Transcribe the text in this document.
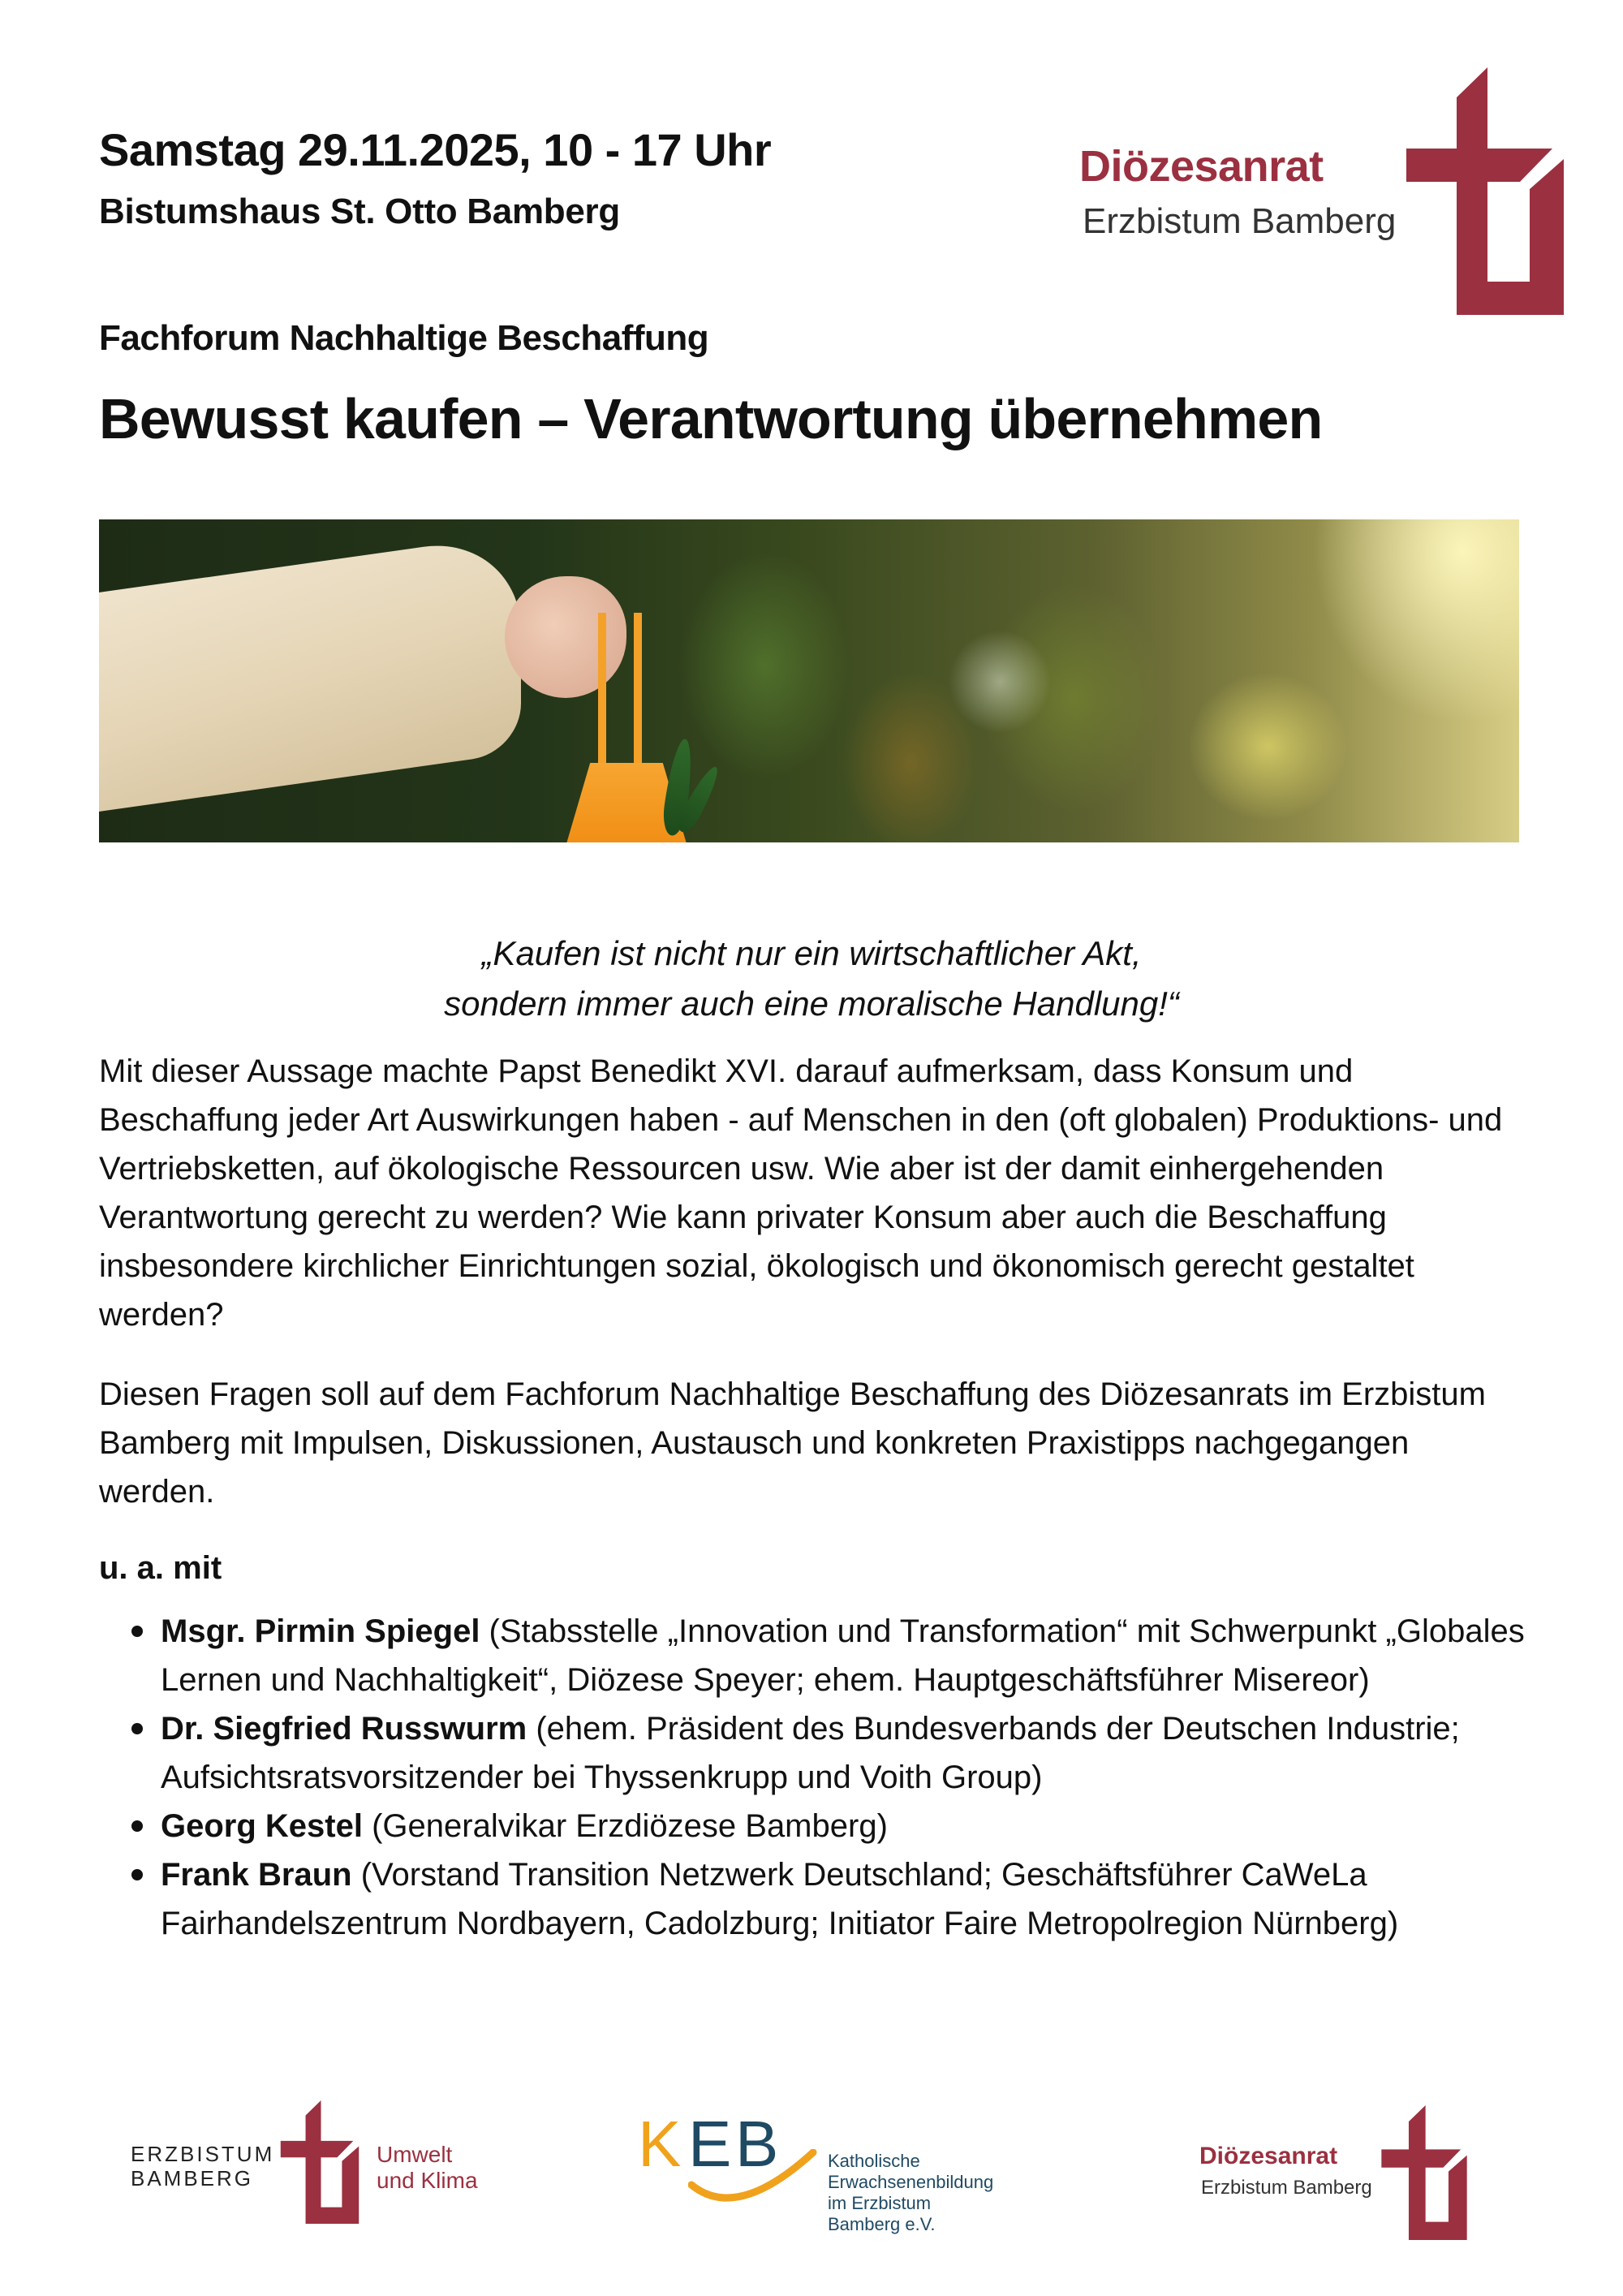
Samstag 29.11.2025, 10 - 17 Uhr
Bistumshaus St. Otto Bamberg
Diözesanrat
Erzbistum Bamberg
Fachforum Nachhaltige Beschaffung
Bewusst kaufen – Verantwortung übernehmen
„Kaufen ist nicht nur ein wirtschaftlicher Akt,
sondern immer auch eine moralische Handlung!“
Mit dieser Aussage machte Papst Benedikt XVI. darauf aufmerksam, dass Konsum und Beschaffung jeder Art Auswirkungen haben - auf Menschen in den (oft globalen) Produktions- und Vertriebsketten, auf ökologische Ressourcen usw. Wie aber ist der damit einhergehenden Verantwortung gerecht zu werden? Wie kann privater Konsum aber auch die Beschaffung insbesondere kirchlicher Einrichtungen sozial, ökologisch und ökonomisch gerecht gestaltet werden?
Diesen Fragen soll auf dem Fachforum Nachhaltige Beschaffung des Diözesanrats im Erzbistum Bamberg mit Impulsen, Diskussionen, Austausch und konkreten Praxistipps nachgegangen werden.
u. a. mit
Msgr. Pirmin Spiegel (Stabsstelle „Innovation und Transformation“ mit Schwerpunkt „Globales Lernen und Nachhaltigkeit“, Diözese Speyer; ehem. Hauptgeschäftsführer Misereor)
Dr. Siegfried Russwurm (ehem. Präsident des Bundesverbands der Deutschen Industrie; Aufsichtsratsvorsitzender bei Thyssenkrupp und Voith Group)
Georg Kestel (Generalvikar Erzdiözese Bamberg)
Frank Braun (Vorstand Transition Netzwerk Deutschland; Geschäftsführer CaWeLa Fairhandelszentrum Nordbayern, Cadolzburg; Initiator Faire Metropolregion Nürnberg)
ERZBISTUM
BAMBERG
Umwelt
und Klima
K E B	Katholische
Erwachsenenbildung
im Erzbistum
Bamberg e.V.
Diözesanrat
Erzbistum Bamberg
